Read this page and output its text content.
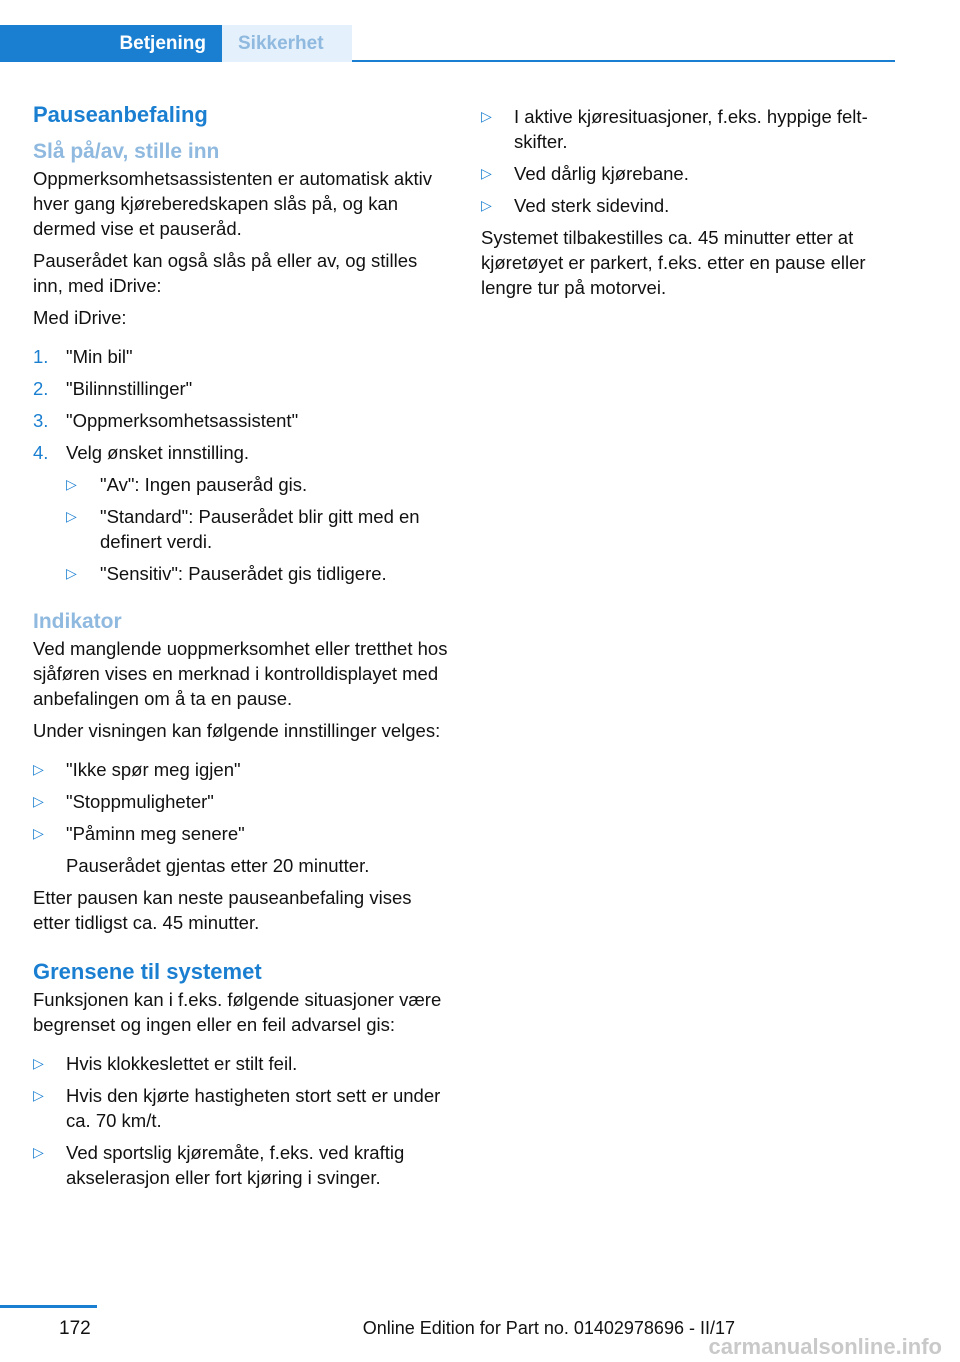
Betjening Sikkerhet
Pauseanbefaling
Slå på/av, stille inn
Oppmerksomhetsassistenten er automatisk aktiv hver gang kjøreberedskapen slås på, og kan dermed vise et pauseråd.
Pauserådet kan også slås på eller av, og stilles inn, med iDrive:
Med iDrive:
1. "Min bil"
2. "Bilinnstillinger"
3. "Oppmerksomhetsassistent"
4. Velg ønsket innstilling.
▷ "Av": Ingen pauseråd gis.
▷ "Standard": Pauserådet blir gitt med en definert verdi.
▷ "Sensitiv": Pauserådet gis tidligere.
Indikator
Ved manglende uoppmerksomhet eller tretthet hos sjåføren vises en merknad i kontrolldisplayet med anbefalingen om å ta en pause.
Under visningen kan følgende innstillinger velges:
▷ "Ikke spør meg igjen"
▷ "Stoppmuligheter"
▷ "Påminn meg senere"
Pauserådet gjentas etter 20 minutter.
Etter pausen kan neste pauseanbefaling vises etter tidligst ca. 45 minutter.
Grensene til systemet
Funksjonen kan i f.eks. følgende situasjoner være begrenset og ingen eller en feil advarsel gis:
▷ Hvis klokkeslettet er stilt feil.
▷ Hvis den kjørte hastigheten stort sett er under ca. 70 km/t.
▷ Ved sportslig kjøremåte, f.eks. ved kraftig akselerasjon eller fort kjøring i svinger.
▷ I aktive kjøresituasjoner, f.eks. hyppige feltskifter.
▷ Ved dårlig kjørebane.
▷ Ved sterk sidevind.
Systemet tilbakestilles ca. 45 minutter etter at kjøretøyet er parkert, f.eks. etter en pause eller lengre tur på motorvei.
172	Online Edition for Part no. 01402978696 - II/17
carmanualsonline.info
